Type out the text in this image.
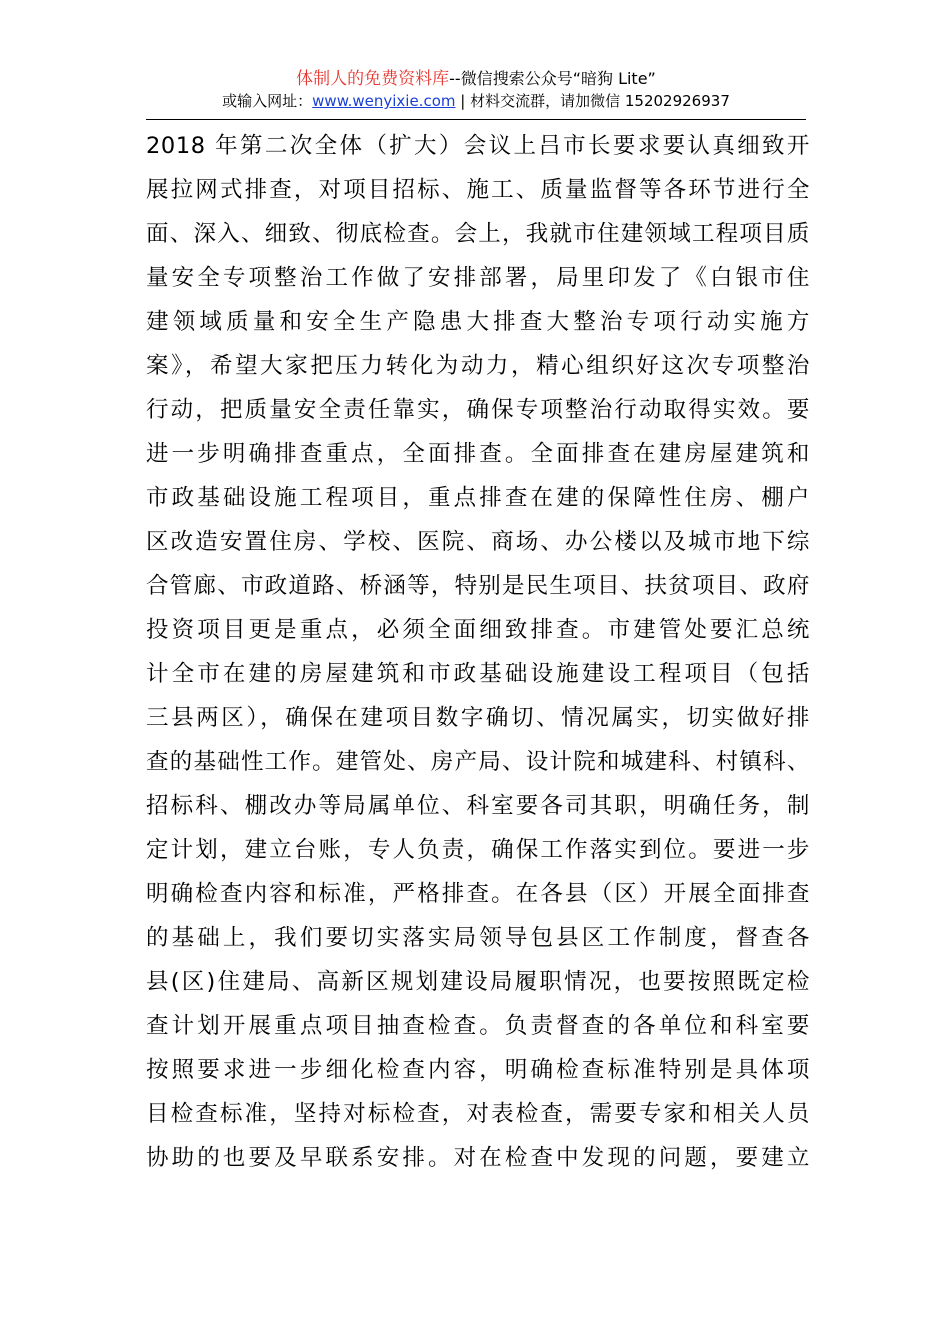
体制人的免费资料库--微信搜索公众号“暗狗 Lite”
或输入网址：www.wenyixie.com | 材料交流群，请加微信 15202926937
2018 年第二次全体（扩大）会议上吕市长要求要认真细致开
展拉网式排查，对项目招标、施工、质量监督等各环节进行全
面、深入、细致、彻底检查。会上，我就市住建领域工程项目质
量安全专项整治工作做了安排部署，局里印发了《白银市住
建领域质量和安全生产隐患大排查大整治专项行动实施方
案》，希望大家把压力转化为动力，精心组织好这次专项整治
行动，把质量安全责任靠实，确保专项整治行动取得实效。要
进一步明确排查重点，全面排查。全面排查在建房屋建筑和
市政基础设施工程项目，重点排查在建的保障性住房、棚户
区改造安置住房、学校、医院、商场、办公楼以及城市地下综
合管廊、市政道路、桥涵等，特别是民生项目、扶贫项目、政府
投资项目更是重点，必须全面细致排查。市建管处要汇总统
计全市在建的房屋建筑和市政基础设施建设工程项目（包括
三县两区），确保在建项目数字确切、情况属实，切实做好排
查的基础性工作。建管处、房产局、设计院和城建科、村镇科、
招标科、棚改办等局属单位、科室要各司其职，明确任务，制
定计划，建立台账，专人负责，确保工作落实到位。要进一步
明确检查内容和标准，严格排查。在各县（区）开展全面排查
的基础上，我们要切实落实局领导包县区工作制度，督查各
县(区)住建局、高新区规划建设局履职情况，也要按照既定检
查计划开展重点项目抽查检查。负责督查的各单位和科室要
按照要求进一步细化检查内容，明确检查标准特别是具体项
目检查标准，坚持对标检查，对表检查，需要专家和相关人员
协助的也要及早联系安排。对在检查中发现的问题，要建立
